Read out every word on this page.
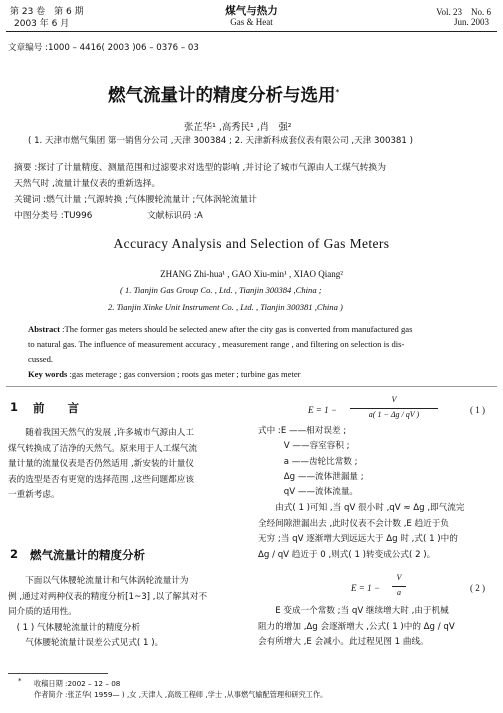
第 23 卷　第 6 期
2003 年 6 月
煤气与热力
Gas & Heat
Vol. 23　No. 6
Jun. 2003
文章编号 :1000 – 4416( 2003 )06 – 0376 – 03
燃气流量计的精度分析与选用*
张芷华¹ ,高秀民¹ ,肖　强²
( 1. 天津市燃气集团 第一销售分公司 ,天津 300384 ; 2. 天津新科成套仪表有限公司 ,天津 300381 )
摘要 :探讨了计量精度、测量范围和过滤要求对选型的影响 ,并讨论了城市气源由人工煤气转换为
天然气时 ,流量计量仪表的重新选择。
关键词 :燃气计量 ;气源转换 ;气体腰轮流量计 ;气体涡轮流量计
中图分类号 :TU996	文献标识码 :A
Accuracy Analysis and Selection of Gas Meters
ZHANG Zhi-hua¹ , GAO Xiu-min¹ , XIAO Qiang²
( 1. Tianjin Gas Group Co. , Ltd. , Tianjin 300384 ,China ;
2. Tianjin Xinke Unit Instrument Co. , Ltd. , Tianjin 300381 ,China )
Abstract :The former gas meters should be selected anew after the city gas is converted from manufactured gas
to natural gas. The influence of measurement accuracy , measurement range , and filtering on selection is dis-
cussed.
Key words :gas meterage ; gas conversion ; roots gas meter ; turbine gas meter
1 前　　言
　　随着我国天然气的发展 ,许多城市气源由人工
煤气转换成了洁净的天然气。原来用于人工煤气流
量计量的流量仪表是否仍然适用 ,新安装的计量仪
表的选型是否有更宽的选择范围 ,这些问题都应该
一重新考虑。
2 燃气流量计的精度分析
　　下面以气体腰轮流量计和气体涡轮流量计为
例 ,通过对两种仪表的精度分析[1~3] ,以了解其对不
同介质的适用性。
　( 1 ) 气体腰轮流量计的精度分析
　　气体腰轮流量计误差公式见式( 1 )。
E = 1 −
V
a( 1 − Δg / qV )	( 1 )
式中 :E ——相对误差 ;
　　　V ——容室容积 ;
　　　a ——齿轮比常数 ;
　　　Δg ——流体泄漏量 ;
　　　qV ——流体流量。
　　由式( 1 )可知 ,当 qV 很小时 ,qV ≈ Δg ,即气流完
全经间隙泄漏出去 ,此时仪表不会计数 ,E 趋近于负
无穷 ;当 qV 逐渐增大到远远大于 Δg 时 ,式( 1 )中的
Δg / qV 趋近于 0 ,则式( 1 )转变成公式( 2 )。
E = 1 −
V
a	( 2 )
　　E 变成一个常数 ;当 qV 继续增大时 ,由于机械
阻力的增加 ,Δg 会逐渐增大 ,公式( 1 )中的 Δg / qV
会有所增大 ,E 会减小。此过程见图 1 曲线。
* 收稿日期 :2002 – 12 – 08
作者简介 :张芷华( 1959— ) ,女 ,天津人 ,高级工程师 ,学士 ,从事燃气输配管理和研究工作。
